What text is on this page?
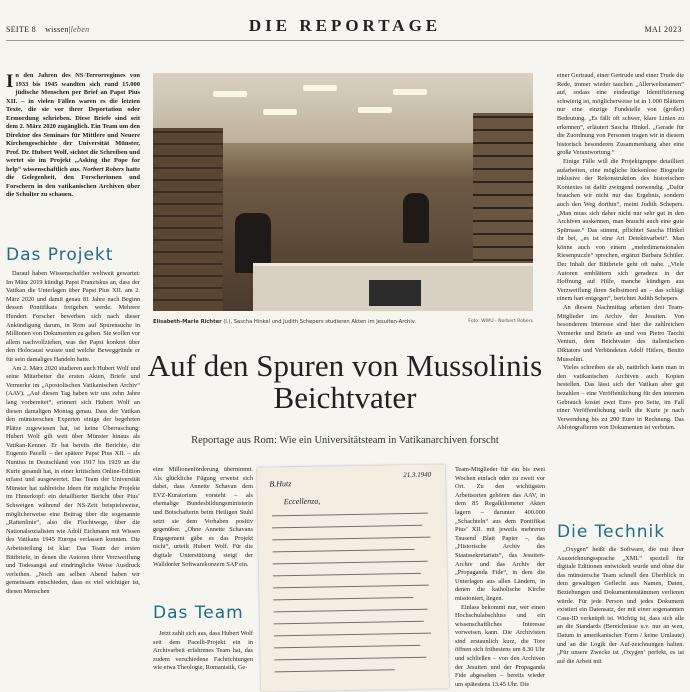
SEITE 8 wissen|leben	DIE REPORTAGE	MAI 2023
In den Jahren des NS-Terrorregimes von 1933 bis 1945 wandten sich rund 15.000 jüdische Menschen per Brief an Papst Pius XII. – in vielen Fällen waren es die letzten Texte, die sie vor ihrer Deportation oder Ermordung schrieben. Diese Briefe sind seit dem 2. März 2020 zugänglich. Ein Team um den Direktor des Seminars für Mittlere und Neuere Kirchengeschichte der Universität Münster, Prof. Dr. Hubert Wolf, sichtet die Schreiben und wertet sie im Projekt „Asking the Pope for help“ wissenschaftlich aus. Norbert Robers hatte die Gelegenheit, den Forscherinnen und Forschern in den vatikanischen Archiven über die Schulter zu schauen.
Das Projekt

Darauf haben Wissenschaftler weltweit gewartet: Im März 2019 kündigt Papst Franziskus an, dass der Vatikan die Unterlagen über Papst Pius XII. am 2. März 2020 und damit genau 81 Jahre nach Beginn dessen Pontifikats freigeben werde. Mehrere Hundert Forscher bewerben sich nach dieser Ankündigung darum, in Rom auf Spurensuche in Millionen von Dokumenten zu gehen. Sie wollen vor allem nachvollziehen, was der Papst konkret über den Holocaust wusste und welche Beweggründe er für sein damaliges Handeln hatte.

Am 2. März 2020 studieren auch Hubert Wolf und seine Mitarbeiter die ersten Akten, Briefe und Vermerke im „Apostolischen Vatikanischen Archiv“ (AAV). „Auf diesen Tag haben wir uns zehn Jahre lang vorbereitet“, erinnert sich Hubert Wolf an diesen damaligen Montag genau. Dass der Vatikan den münsterschen Experten einige der begehrten Plätze zugewiesen hat, ist keine Überraschung: Hubert Wolf gilt weit über Münster hinaus als Vatikan-Kenner. Er hat bereits die Berichte, die Eugenio Pacelli – der spätere Papst Pius XII. – als Nuntius in Deutschland von 1917 bis 1929 an die Kurie gesandt hat, in einer kritischen Online-Edition erfasst und ausgewertet. Das Team der Universität Münster hat zahlreiche Ideen für mögliche Projekte im Hinterkopf: ein detaillierter Bericht über Pius’ Schweigen während der NS-Zeit beispielsweise, möglicherweise eine Beitrag über die sogenannte „Rattenlinie“, also die Fluchtwege, über die Nationalsozialisten wie Adolf Eichmann mit Wissen des Vatikans 1945 Europa verlassen konnten. Die Arbeitsteilung ist klar: Das Team der ersten Bittbriefe, in denen die Autoren ihrer Verzweiflung und Todesangst auf eindringliche Weise Ausdruck verleihen. „Noch am selben Abend haben wir gemeinsam entschieden, dass es viel wichtiger ist, diesen Menschen

Elisabeth-Marie Richter (l.), Sascha Hinkel und Judith Schepers studieren Akten im Jesuiten-Archiv.	Foto: WWU - Norbert Robers
Auf den Spuren von Mussolinis Beichtvater
Reportage aus Rom: Wie ein Universitätsteam in Vatikanarchiven forscht

eine Millionenförderung übernimmt. Als glückliche Fügung erweist sich dabei, dass Annette Schavan dem EVZ-Kuratorium vorsteht – als ehemalige Bundesbildungsministerin und Botschafterin beim Heiligen Stuhl setzt sie dem Vorhaben positiv gegenüber. „Ohne Annette Schavans Engagement gäbe es das Projekt nicht“, urteilt Hubert Wolf. Für die digitale Unterstützung steigt der Walldorfer Softwarekonzern SAP ein.

Das Team

Jetzt zahlt sich aus, dass Hubert Wolf seit dem Pacelli-Projekt ein in Archivarbeit erfahrenes Team hat, das zudem verschiedene Fachrichtungen wie etwa Theologie, Romanistik, Ge-

B.Hutz
21.3.1940
Eccellenza,

Team-Mitglieder für ein bis zwei Wochen einfach oder zu zweit vor Ort. Zu den wichtigsten Arbeitsorten gehören das AAV, in dem 85 Regalkilometer Akten lagern – darunter 400.000 „Schachteln“ aus dem Pontifikat Pius’ XII. mit jeweils mehreren Tausend Blatt Papier –, das „Historische Archiv des Staatssekretariats“, das Jesuiten-Archiv und das Archiv der „Propaganda Fide“, in dem die Unterlagen aus allen Ländern, in denen die katholische Kirche missioniert, liegen.

Einlass bekommt nur, wer einen Hochschulabschluss und ein wissenschaftliches Interesse vorweisen kann. Die Archivisten sind erstaunlich kurz, die Tore öffnen sich frühestens um 8.30 Uhr und schließen – von den Archiven der Jesuiten und der Propaganda Fide abgesehen – bereits wieder um spätestens 13.45 Uhr. Die

einer Gertraud, einer Gertrude und einer Trude die Rede, immer wieder tauchen „Allerweltsnamen“ auf, sodass eine eindeutige Identifizierung schwierig ist, möglicherweise ist in 1.000 Blättern nur eine einzige Fundstelle von (großer) Bedeutung. „Es fällt oft schwer, klare Linien zu erkennen“, erläutert Sascha Hinkel. „Gerade für die Zuordnung von Personen tragen wir in diesem historisch besonderen Zusammenhang aber eine große Verantwortung.“

Einige Fälle will die Projektgruppe detailliert aufarbeiten, eine mögliche lückenlose Biografie inklusive der Rekonstruktion des historischen Kontextes ist dafür zwingend notwendig. „Dafür brauchen wir nicht nur das Ergebnis, sondern auch den Weg dorthin“, meint Judith Schepers. „Man muss sich daher nicht nur sehr gut in den Archiven auskennen, man braucht auch eine gute Spürnase.“ Das stimmt, pflichtet Sascha Hinkel ihr bei, „es ist eine Art Detektivarbeit“. Man könne auch von einem „mehrdimensionalen Riesenpuzzle“ sprechen, ergänzt Barbara Schüler. Der Inhalt der Bittbriefe geht oft nahe. „Viele Autoren emblättern sich geradezu in der Hoffnung auf Hilfe, manche kündigen aus Verzweiflung ihren Selbstmord an – das schlägt einem hart entgegen“, berichtet Judith Schepers.

An diesem Nachmittag arbeiten drei Team-Mitglieder im Archiv der Jesuiten. Von besonderem Interesse sind hier die zahlreichen Vermerke und Briefe an und von Pietro Tacchi Venturi, dem Beichtvater des italienischen Diktators und Verbündeten Adolf Hitlers, Benito Mussolini.

Vieles schreiben sie ab, natürlich kann man in den vatikanischen Archiven auch Kopien bestellen. Das lässt sich der Vatikan aber gut bezahlen – eine Veröffentlichung für den internen Gebrauch kostet zwei Euro pro Seite, im Fall einer Veröffentlichung stellt die Kurie je nach Verwendung bis zu 200 Euro in Rechnung. Das Abfotografieren von Dokumenten ist verboten.

Die Technik

„Oxygen“ heißt die Software, die mit ihrer Auszeichnungssprache „XML“ speziell für digitale Editionen entwickelt wurde und ohne die das münstersche Team schnell den Überblick in dem gewaltigen Geflecht aus Namen, Daten, Beziehungen und Dokumentenstämmen verlieren würde. Für jede Person und jedes Dokument existiert ein Datensatz, der mit einer sogenannten Case-ID verknüpft ist. Wichtig ist, dass sich alle an die Standards (Bereichnisse u.v. nur an wen, Datum in amerikanischer Form / keine Umlaute) und an die Logik der Auf-zeichnungen halten. „Für unsere Zwecke ist ‚Oxygen‘ perfekt, es ist auf die Arbeit mit
